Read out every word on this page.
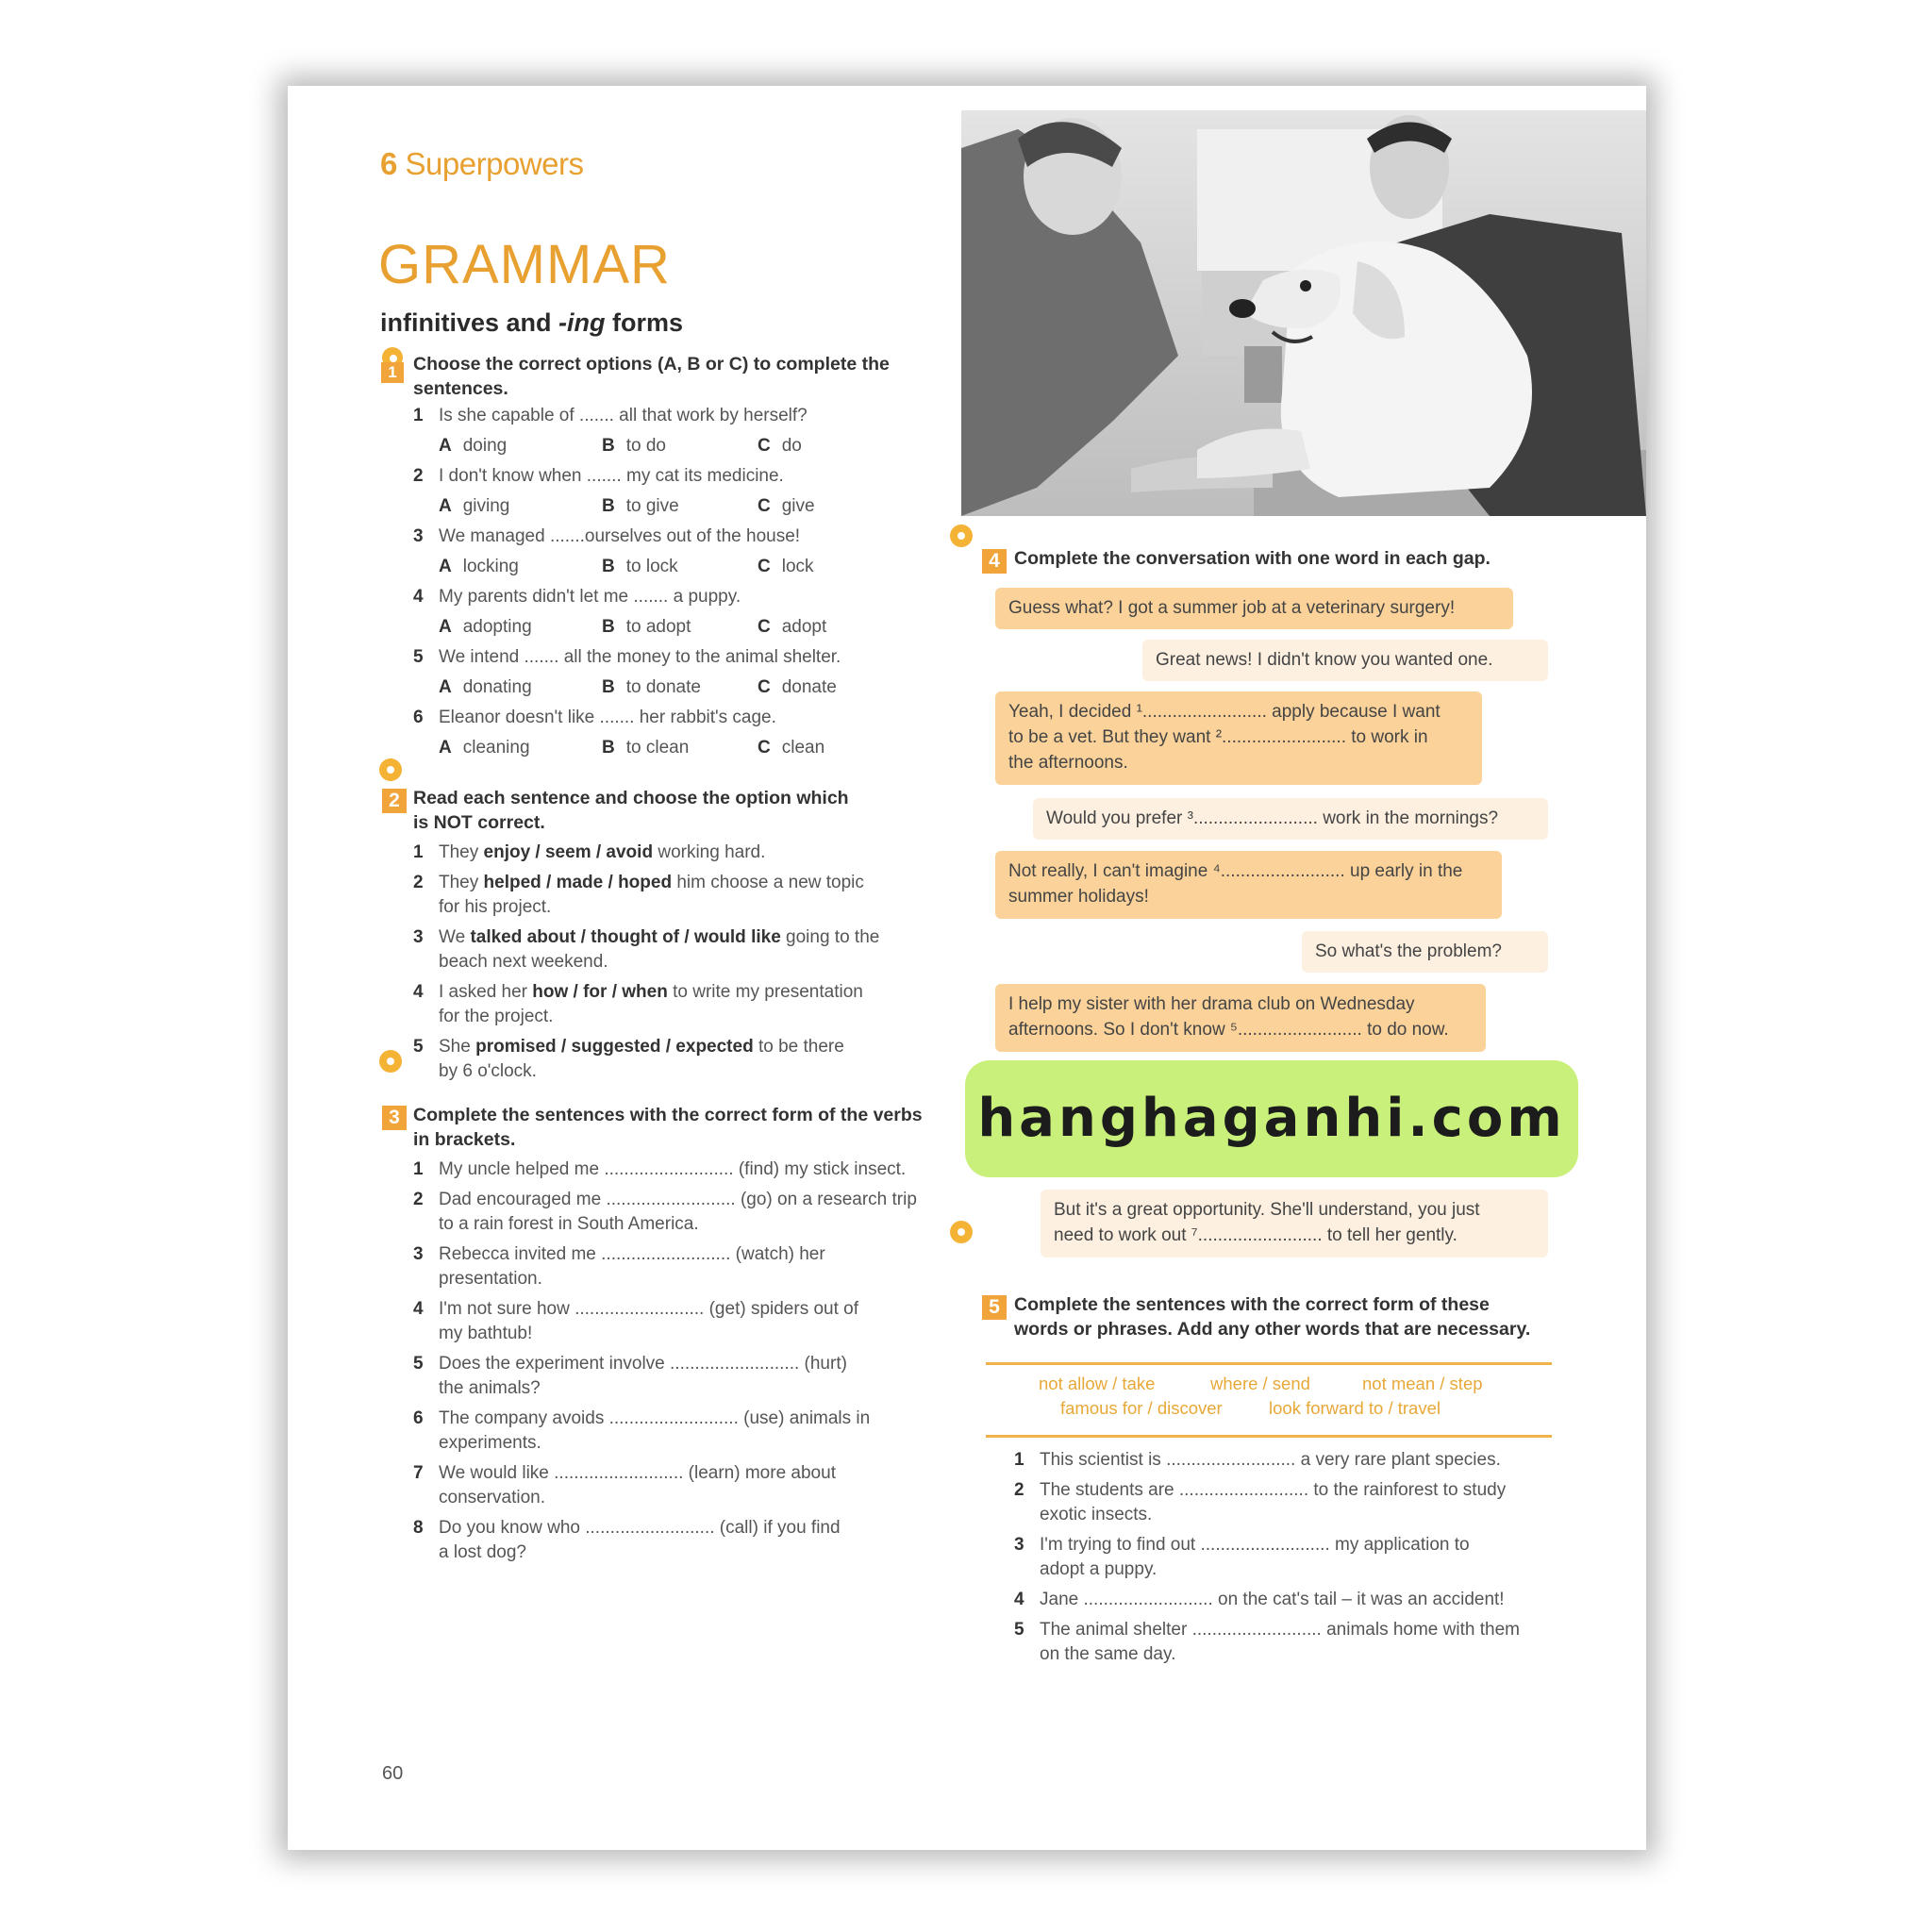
6 Superpowers
GRAMMAR
infinitives and -ing forms
1 Choose the correct options (A, B or C) to complete the
sentences.
2 Read each sentence and choose the option which
is NOT correct.
3 Complete the sentences with the correct form of the verbs
in brackets.
4 Complete the conversation with one word in each gap.
Guess what? I got a summer job at a veterinary surgery!
Great news! I didn't know you wanted one.
Yeah, I decided ¹......................... apply because I want
to be a vet. But they want ²......................... to work in
the afternoons.
Would you prefer ³......................... work in the mornings?
Not really, I can't imagine ⁴......................... up early in the
summer holidays!
So what's the problem?
I help my sister with her drama club on Wednesday
afternoons. So I don't know ⁵......................... to do now.
hanghaganhi.com
But it's a great opportunity. She'll understand, you just
need to work out ⁷......................... to tell her gently.
5 Complete the sentences with the correct form of these
words or phrases. Add any other words that are necessary.
not allow / take	where / send	not mean / step
famous for / discover	look forward to / travel
60
1 Is she capable of ....... all that work by herself?
A doing	B to do	C do
2 I don't know when ....... my cat its medicine.
A giving	B to give	C give
3 We managed .......ourselves out of the house!
A locking	B to lock	C lock
4 My parents didn't let me ....... a puppy.
A adopting	B to adopt	C adopt
5 We intend ....... all the money to the animal shelter.
A donating	B to donate	C donate
6 Eleanor doesn't like ....... her rabbit's cage.
A cleaning	B to clean	C clean
1 They enjoy / seem / avoid working hard.
2 They helped / made / hoped him choose a new topic
for his project.
3 We talked about / thought of / would like going to the
beach next weekend.
4 I asked her how / for / when to write my presentation
for the project.
5 She promised / suggested / expected to be there
by 6 o'clock.
1 My uncle helped me .......................... (find) my stick insect.
2 Dad encouraged me .......................... (go) on a research trip
to a rain forest in South America.
3 Rebecca invited me .......................... (watch) her
presentation.
4 I'm not sure how .......................... (get) spiders out of
my bathtub!
5 Does the experiment involve .......................... (hurt)
the animals?
6 The company avoids .......................... (use) animals in
experiments.
7 We would like .......................... (learn) more about
conservation.
8 Do you know who .......................... (call) if you find
a lost dog?
1 This scientist is .......................... a very rare plant species.
2 The students are .......................... to the rainforest to study
exotic insects.
3 I'm trying to find out .......................... my application to
adopt a puppy.
4 Jane .......................... on the cat's tail – it was an accident!
5 The animal shelter .......................... animals home with them
on the same day.
